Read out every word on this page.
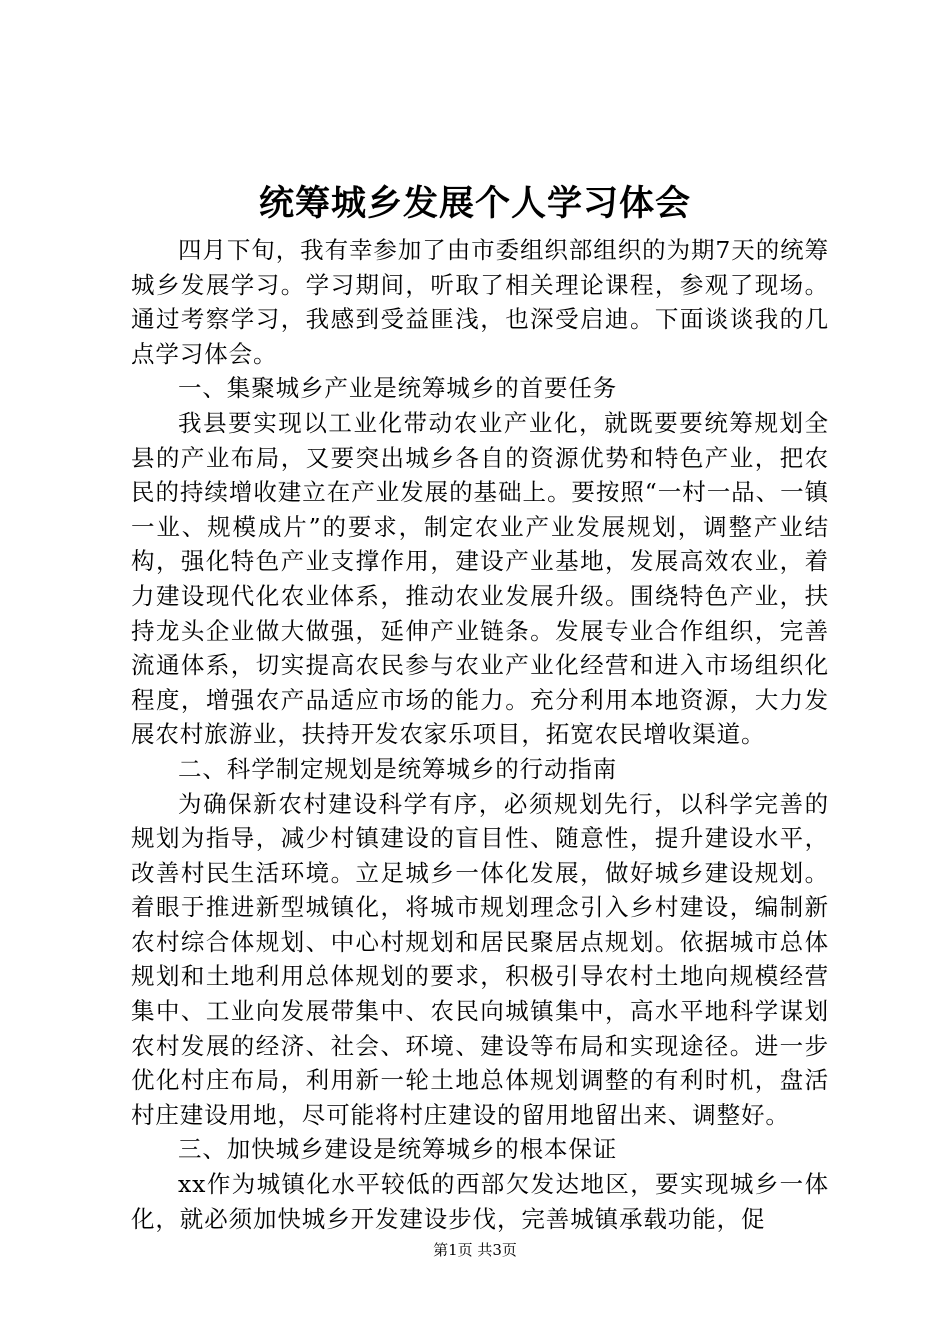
统筹城乡发展个人学习体会

四月下旬，我有幸参加了由市委组织部组织的为期7天的统筹城乡发展学习。学习期间，听取了相关理论课程，参观了现场。通过考察学习，我感到受益匪浅，也深受启迪。下面谈谈我的几点学习体会。

一、集聚城乡产业是统筹城乡的首要任务

我县要实现以工业化带动农业产业化，就既要要统筹规划全县的产业布局，又要突出城乡各自的资源优势和特色产业，把农民的持续增收建立在产业发展的基础上。要按照“一村一品、一镇一业、规模成片”的要求，制定农业产业发展规划，调整产业结构，强化特色产业支撑作用，建设产业基地，发展高效农业，着力建设现代化农业体系，推动农业发展升级。围绕特色产业，扶持龙头企业做大做强，延伸产业链条。发展专业合作组织，完善流通体系，切实提高农民参与农业产业化经营和进入市场组织化程度，增强农产品适应市场的能力。充分利用本地资源，大力发展农村旅游业，扶持开发农家乐项目，拓宽农民增收渠道。

二、科学制定规划是统筹城乡的行动指南

为确保新农村建设科学有序，必须规划先行，以科学完善的规划为指导，减少村镇建设的盲目性、随意性，提升建设水平，改善村民生活环境。立足城乡一体化发展，做好城乡建设规划。着眼于推进新型城镇化，将城市规划理念引入乡村建设，编制新农村综合体规划、中心村规划和居民聚居点规划。依据城市总体规划和土地利用总体规划的要求，积极引导农村土地向规模经营集中、工业向发展带集中、农民向城镇集中，高水平地科学谋划农村发展的经济、社会、环境、建设等布局和实现途径。进一步优化村庄布局，利用新一轮土地总体规划调整的有利时机，盘活村庄建设用地，尽可能将村庄建设的留用地留出来、调整好。

三、加快城乡建设是统筹城乡的根本保证

xx作为城镇化水平较低的西部欠发达地区，要实现城乡一体化，就必须加快城乡开发建设步伐，完善城镇承载功能，促

第1页 共3页
